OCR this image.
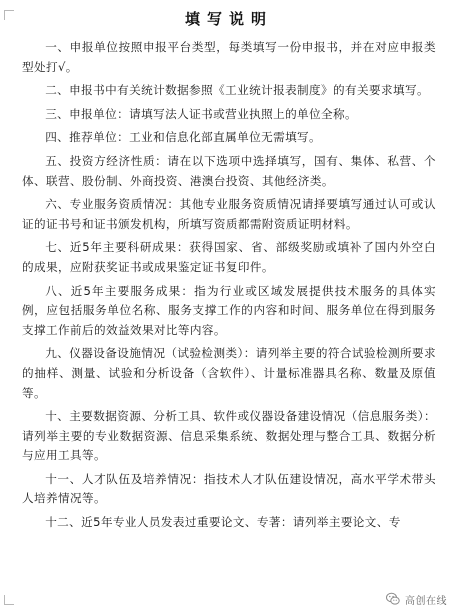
填写说明

一、申报单位按照申报平台类型，每类填写一份申报书，并在对应申报类型处打√。

二、申报书中有关统计数据参照《工业统计报表制度》的有关要求填写。

三、申报单位：请填写法人证书或营业执照上的单位全称。

四、推荐单位：工业和信息化部直属单位无需填写。

五、投资方经济性质：请在以下选项中选择填写，国有、集体、私营、个体、联营、股份制、外商投资、港澳台投资、其他经济类。

六、专业服务资质情况：其他专业服务资质情况请择要填写通过认可或认证的证书号和证书颁发机构，所填写资质都需附资质证明材料。

七、近5年主要科研成果：获得国家、省、部级奖励或填补了国内外空白的成果，应附获奖证书或成果鉴定证书复印件。

八、近5年主要服务成果：指为行业或区域发展提供技术服务的具体实例，应包括服务单位名称、服务支撑工作的内容和时间、服务单位在得到服务支撑工作前后的效益效果对比等内容。

九、仪器设备设施情况（试验检测类）：请列举主要的符合试验检测所要求的抽样、测量、试验和分析设备（含软件）、计量标准器具名称、数量及原值等。

十、主要数据资源、分析工具、软件或仪器设备建设情况（信息服务类）：请列举主要的专业数据资源、信息采集系统、数据处理与整合工具、数据分析与应用工具等。

十一、人才队伍及培养情况：指技术人才队伍建设情况，高水平学术带头人培养情况等。

十二、近5年专业人员发表过重要论文、专著：请列举主要论文、专

高创在线
